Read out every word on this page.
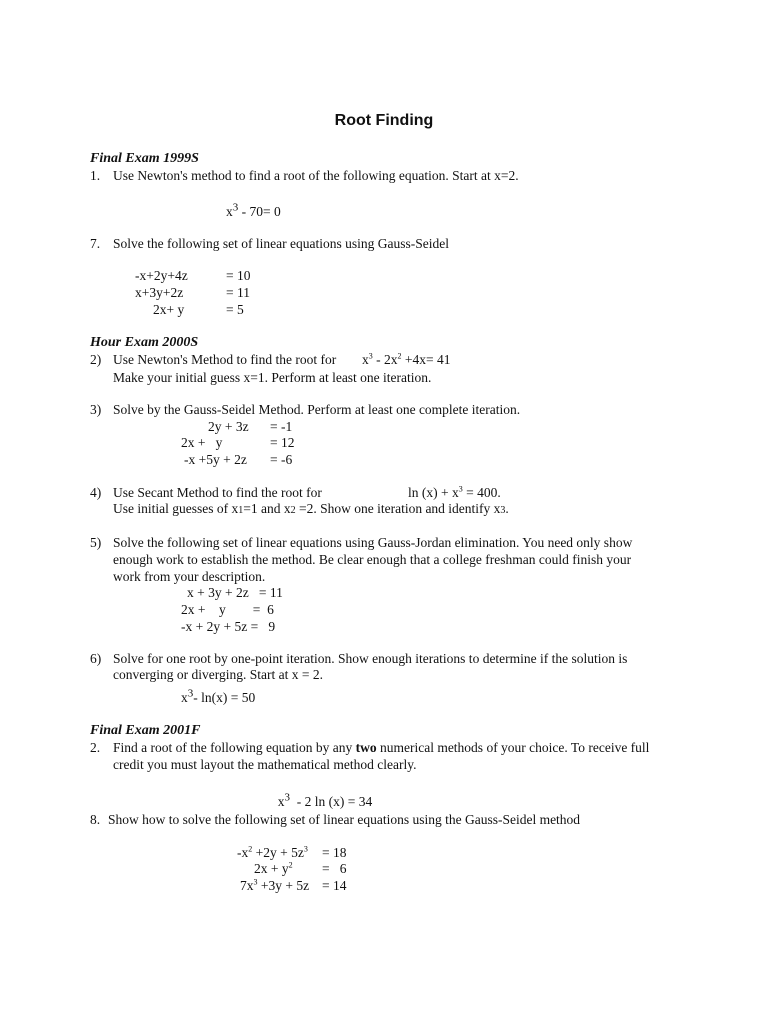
Root Finding
Final Exam 1999S
1. Use Newton's method to find a root of the following equation. Start at x=2.
$x^3 - 70= 0$
7. Solve the following set of linear equations using Gauss-Seidel
-x+2y+4z	= 10
x+3y+2z	= 11
2x+ y	= 5
Hour Exam 2000S
2) Use Newton's Method to find the root for $x^3 - 2x^2 +4x= 41$
Make your initial guess x=1. Perform at least one iteration.
3) Solve by the Gauss-Seidel Method. Perform at least one complete iteration.
2y + 3z = -1
2x +   y	= 12
-x +5y + 2z = -6
4) Use Secant Method to find the root for	$\ln (x) + x^3 = 400$.
Use initial guesses of x1=1 and x2 =2. Show one iteration and identify x3.
5) Solve the following set of linear equations using Gauss-Jordan elimination. You need only show
enough work to establish the method. Be clear enough that a college freshman could finish your
work from your description.
x + 3y + 2z   = 11
2x +    y        =  6
-x + 2y + 5z =   9
6) Solve for one root by one-point iteration. Show enough iterations to determine if the solution is
converging or diverging. Start at x = 2.
$x^3-$ ln(x) = 50
Final Exam 2001F
2. Find a root of the following equation by any two numerical methods of your choice. To receive full
credit you must layout the mathematical method clearly.

$x^3 - 2$ ln (x) = 34

8. Show how to solve the following set of linear equations using the Gauss-Seidel method
$-x^2 +2y + 5z^3 = 18$
$2x + y^2 = 6$
$7x^3 +3y + 5z = 14$
